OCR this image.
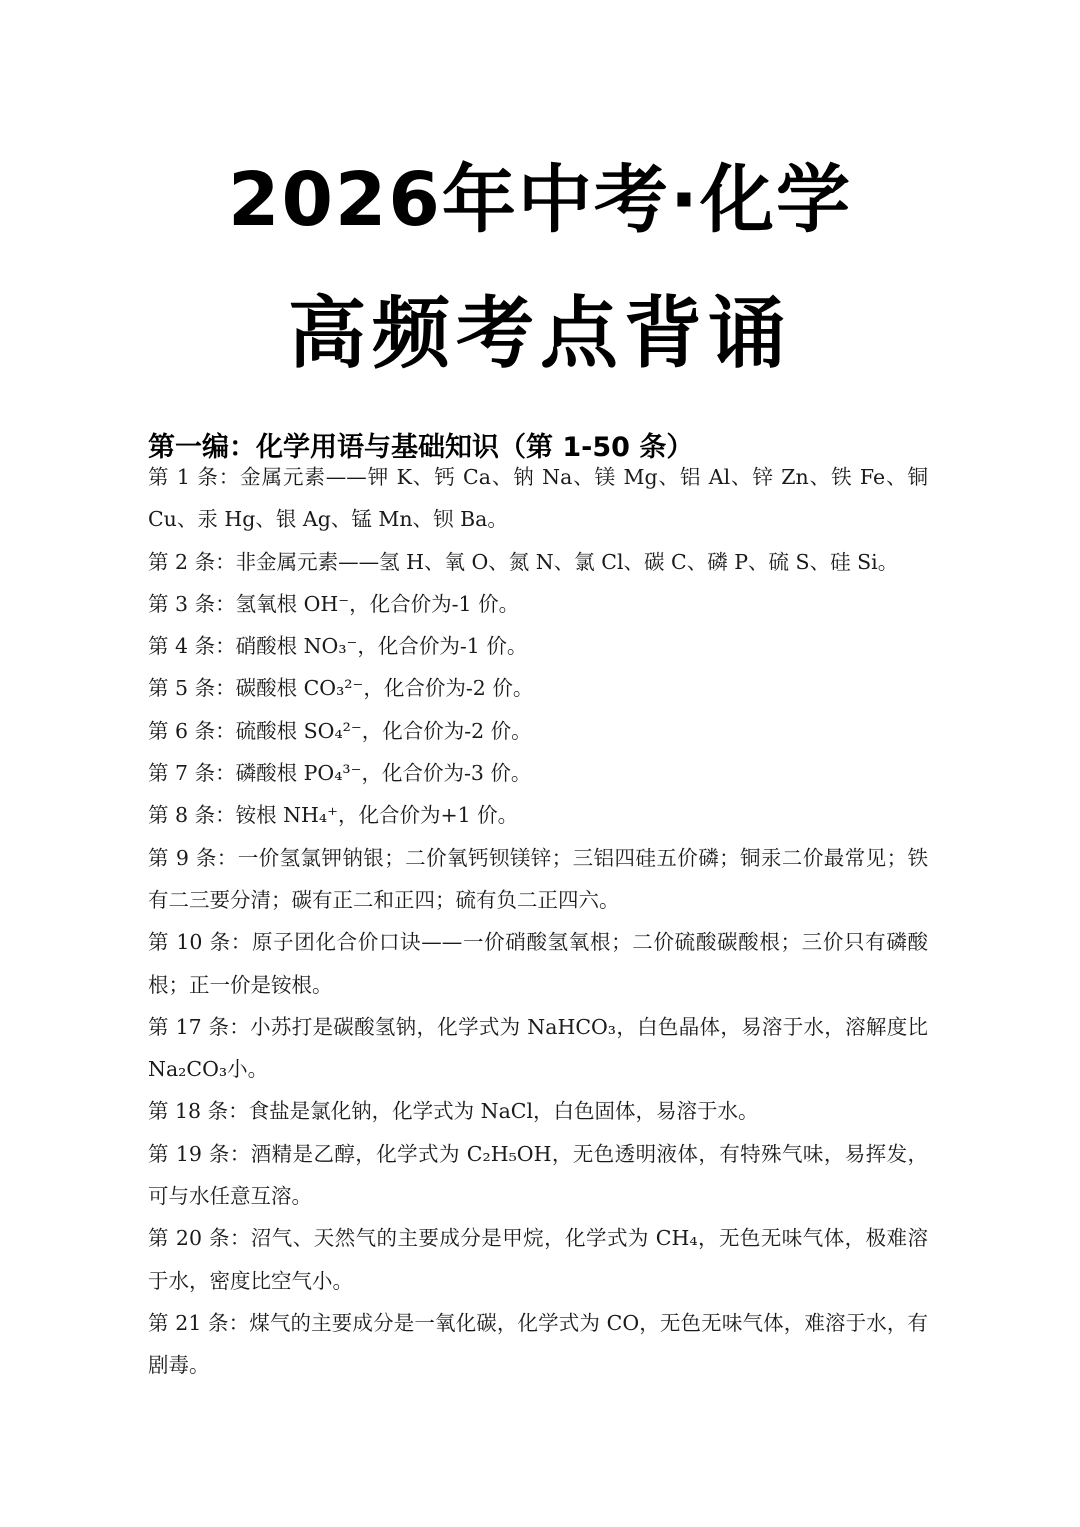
2026年中考·化学
高频考点背诵
第一编：化学用语与基础知识（第 1-50 条）
第 1 条：金属元素——钾 K、钙 Ca、钠 Na、镁 Mg、铝 Al、锌 Zn、铁 Fe、铜 Cu、汞 Hg、银 Ag、锰 Mn、钡 Ba。
第 2 条：非金属元素——氢 H、氧 O、氮 N、氯 Cl、碳 C、磷 P、硫 S、硅 Si。
第 3 条：氢氧根 OH⁻，化合价为-1 价。
第 4 条：硝酸根 NO₃⁻，化合价为-1 价。
第 5 条：碳酸根 CO₃²⁻，化合价为-2 价。
第 6 条：硫酸根 SO₄²⁻，化合价为-2 价。
第 7 条：磷酸根 PO₄³⁻，化合价为-3 价。
第 8 条：铵根 NH₄⁺，化合价为+1 价。
第 9 条：一价氢氯钾钠银；二价氧钙钡镁锌；三铝四硅五价磷；铜汞二价最常见；铁有二三要分清；碳有正二和正四；硫有负二正四六。
第 10 条：原子团化合价口诀——一价硝酸氢氧根；二价硫酸碳酸根；三价只有磷酸根；正一价是铵根。
第 17 条：小苏打是碳酸氢钠，化学式为 NaHCO₃，白色晶体，易溶于水，溶解度比 Na₂CO₃小。
第 18 条：食盐是氯化钠，化学式为 NaCl，白色固体，易溶于水。
第 19 条：酒精是乙醇，化学式为 C₂H₅OH，无色透明液体，有特殊气味，易挥发，可与水任意互溶。
第 20 条：沼气、天然气的主要成分是甲烷，化学式为 CH₄，无色无味气体，极难溶于水，密度比空气小。
第 21 条：煤气的主要成分是一氧化碳，化学式为 CO，无色无味气体，难溶于水，有剧毒。
